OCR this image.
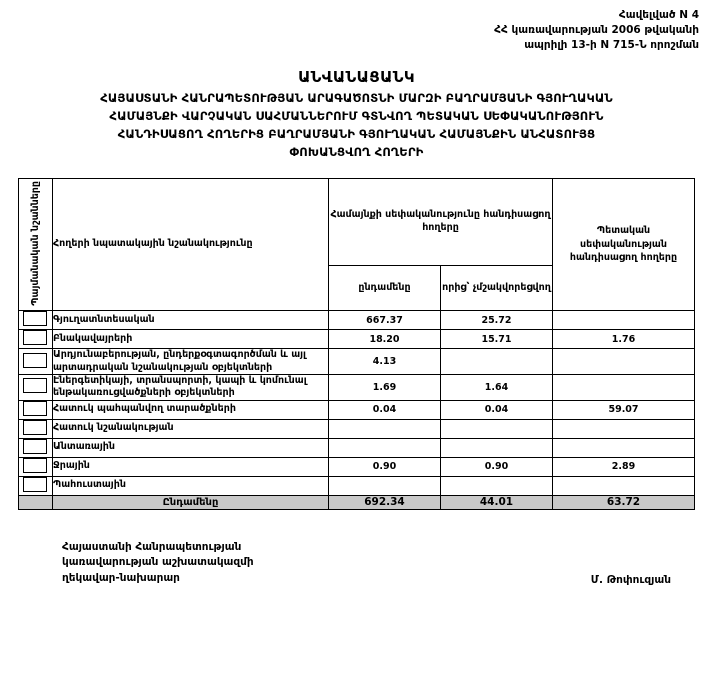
Հավելված N 4
ՀՀ կառավարության 2006 թվականի
ապրիլի 13-ի N 715-Ն որոշման
ԱՆՎԱՆԱՑԱՆԿ
ՀԱՅԱՍՏԱՆԻ ՀԱՆՐԱՊԵՏՈՒԹՅԱՆ ԱՐԱԳԱԾՈՏՆԻ ՄԱՐԶԻ ԲԱՂՐԱՄՅԱՆԻ ԳՅՈՒՂԱԿԱՆ
ՀԱՄԱՅՆՔԻ ՎԱՐՉԱԿԱՆ ՍԱՀՄԱՆՆԵՐՈՒՄ ԳՏՆՎՈՂ ՊԵՏԱԿԱՆ ՍԵՓԱԿԱՆՈՒԹՅՈՒՆ
ՀԱՆԴԻՍԱՑՈՂ ՀՈՂԵՐԻՑ ԲԱՂՐԱՄՅԱՆԻ ԳՅՈՒՂԱԿԱՆ ՀԱՄԱՅՆՔԻՆ ԱՆՀԱՏՈՒՅՑ
ՓՈԽԱՆՑՎՈՂ ՀՈՂԵՐԻ
Պայմանական նշանները	Հողերի նպատակային նշանակությունը	Համայնքի սեփականությունը հանդիսացող հողերը		Պետական սեփականության հանդիսացող հողերը
		ընդամենը	որից՝ չմշակվորեցվող	
	Գյուղատնտեսական	667.37	25.72	
	Բնակավայրերի	18.20	15.71	1.76
	Արդյունաբերության, ընդերքօգտագործման և այլ արտադրական նշանակության օբյեկտների	4.13		
	Էներգետիկայի, տրանսպորտի, կապի և կոմունալ ենթակառուցվածքների օբյեկտների	1.69	1.64	
	Հատուկ պահպանվող տարածքների	0.04	0.04	59.07
	Հատուկ նշանակության			
	Անտառային			
	Ջրային	0.90	0.90	2.89
	Պահուստային			
	Ընդամենը	692.34	44.01	63.72
Հայաստանի Հանրապետության
կառավարության աշխատակազմի
ղեկավար-նախարար	Մ. Թոփուզյան
